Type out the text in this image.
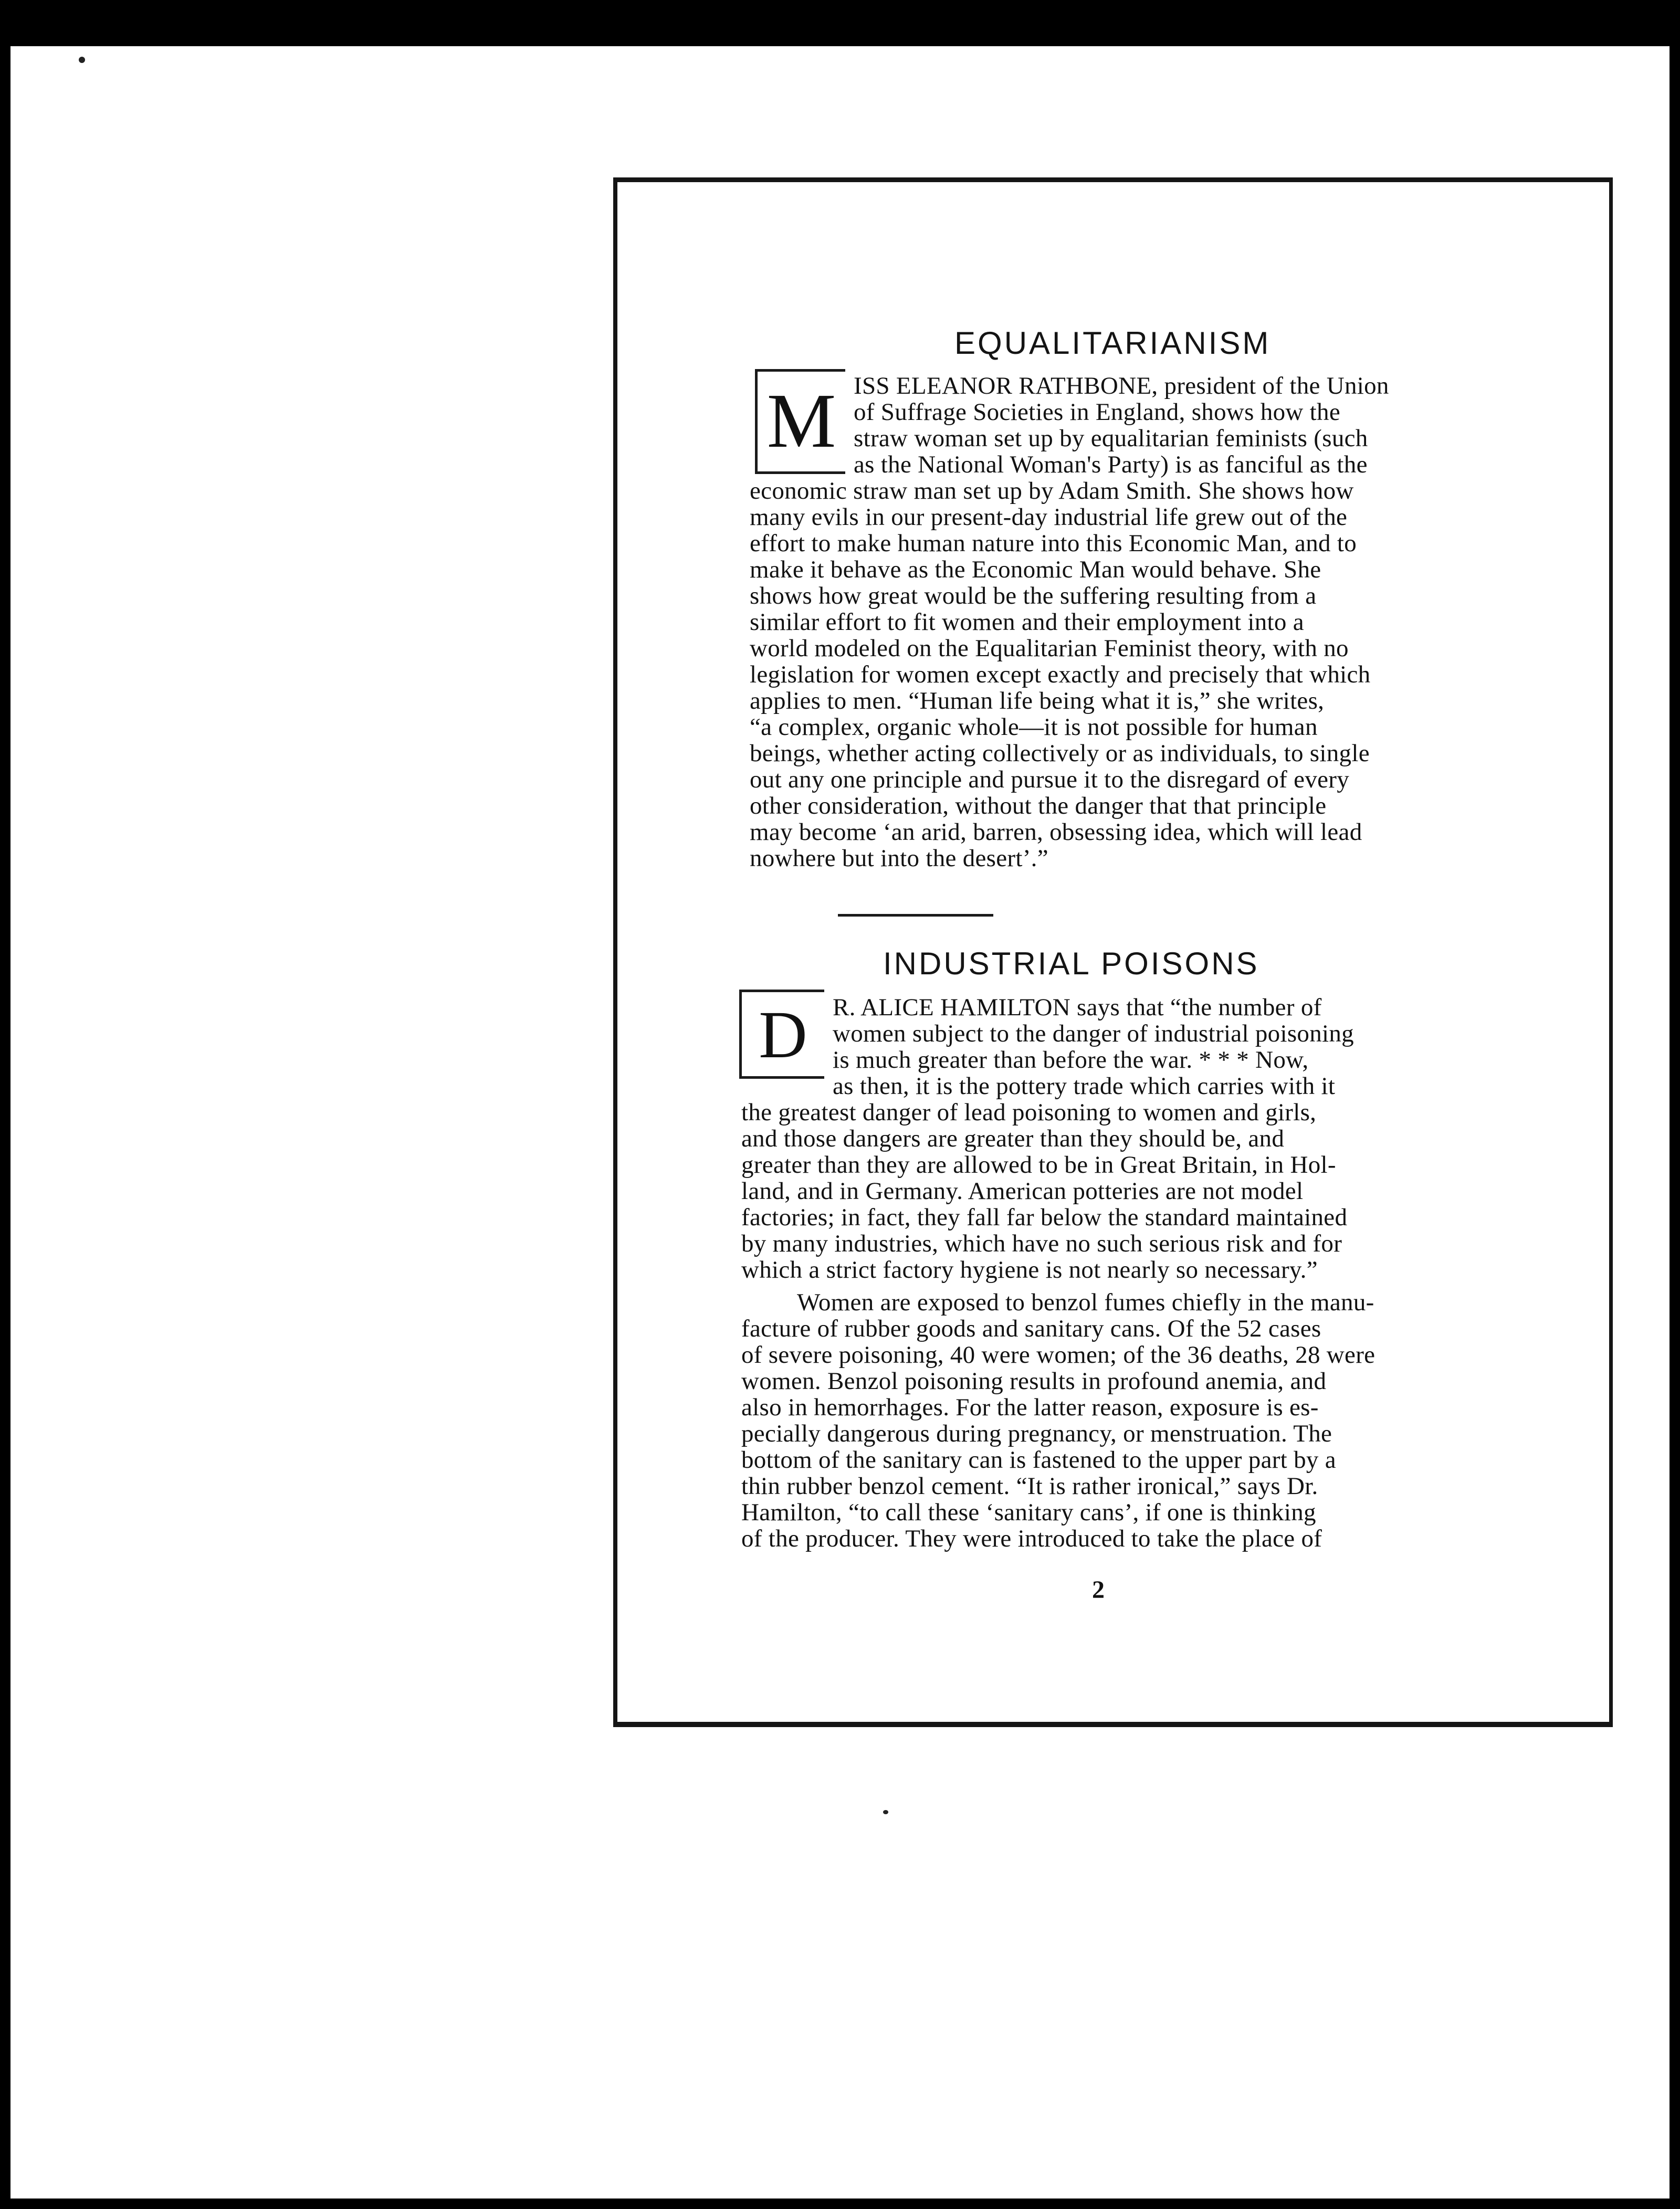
EQUALITARIANISM
M ISS ELEANOR RATHBONE, president of the Union
of Suffrage Societies in England, shows how the
straw woman set up by equalitarian feminists (such
as the National Woman's Party) is as fanciful as the
economic straw man set up by Adam Smith. She shows how
many evils in our present-day industrial life grew out of the
effort to make human nature into this Economic Man, and to
make it behave as the Economic Man would behave. She
shows how great would be the suffering resulting from a
similar effort to fit women and their employment into a
world modeled on the Equalitarian Feminist theory, with no
legislation for women except exactly and precisely that which
applies to men. “Human life being what it is,” she writes,
“a complex, organic whole—it is not possible for human
beings, whether acting collectively or as individuals, to single
out any one principle and pursue it to the disregard of every
other consideration, without the danger that that principle
may become ‘an arid, barren, obsessing idea, which will lead
nowhere but into the desert’.”
INDUSTRIAL POISONS
D	R. ALICE HAMILTON says that “the number of
women subject to the danger of industrial poisoning
is much greater than before the war. * * * Now,
as then, it is the pottery trade which carries with it
the greatest danger of lead poisoning to women and girls,
and those dangers are greater than they should be, and
greater than they are allowed to be in Great Britain, in Hol-
land, and in Germany. American potteries are not model
factories; in fact, they fall far below the standard maintained
by many industries, which have no such serious risk and for
which a strict factory hygiene is not nearly so necessary.”
Women are exposed to benzol fumes chiefly in the manu-
facture of rubber goods and sanitary cans. Of the 52 cases
of severe poisoning, 40 were women; of the 36 deaths, 28 were
women. Benzol poisoning results in profound anemia, and
also in hemorrhages. For the latter reason, exposure is es-
pecially dangerous during pregnancy, or menstruation. The
bottom of the sanitary can is fastened to the upper part by a
thin rubber benzol cement. “It is rather ironical,” says Dr.
Hamilton, “to call these ‘sanitary cans’, if one is thinking
of the producer. They were introduced to take the place of
2
